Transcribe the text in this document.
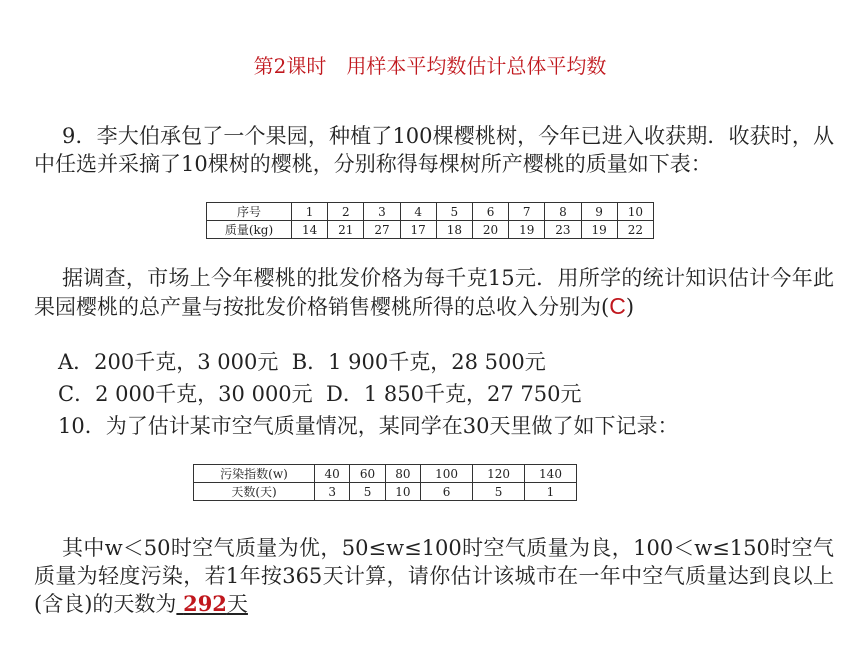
第2课时　用样本平均数估计总体平均数
9．李大伯承包了一个果园，种植了100棵樱桃树，今年已进入收获期．收获时，从中任选并采摘了10棵树的樱桃，分别称得每棵树所产樱桃的质量如下表：
序号	1	2	3	4	5	6	7	8	9	10
质量(kg)	14	21	27	17	18	20	19	23	19	22
据调查，市场上今年樱桃的批发价格为每千克15元．用所学的统计知识估计今年此果园樱桃的总产量与按批发价格销售樱桃所得的总收入分别为(C)
A．200千克，3 000元  B．1 900千克，28 500元
C．2 000千克，30 000元  D．1 850千克，27 750元
10．为了估计某市空气质量情况，某同学在30天里做了如下记录：
污染指数(w)	40	60	80	100	120	140
天数(天)	3	5	10	6	5	1
其中w＜50时空气质量为优，50≤w≤100时空气质量为良，100＜w≤150时空气质量为轻度污染，若1年按365天计算，请你估计该城市在一年中空气质量达到良以上(含良)的天数为 292天
